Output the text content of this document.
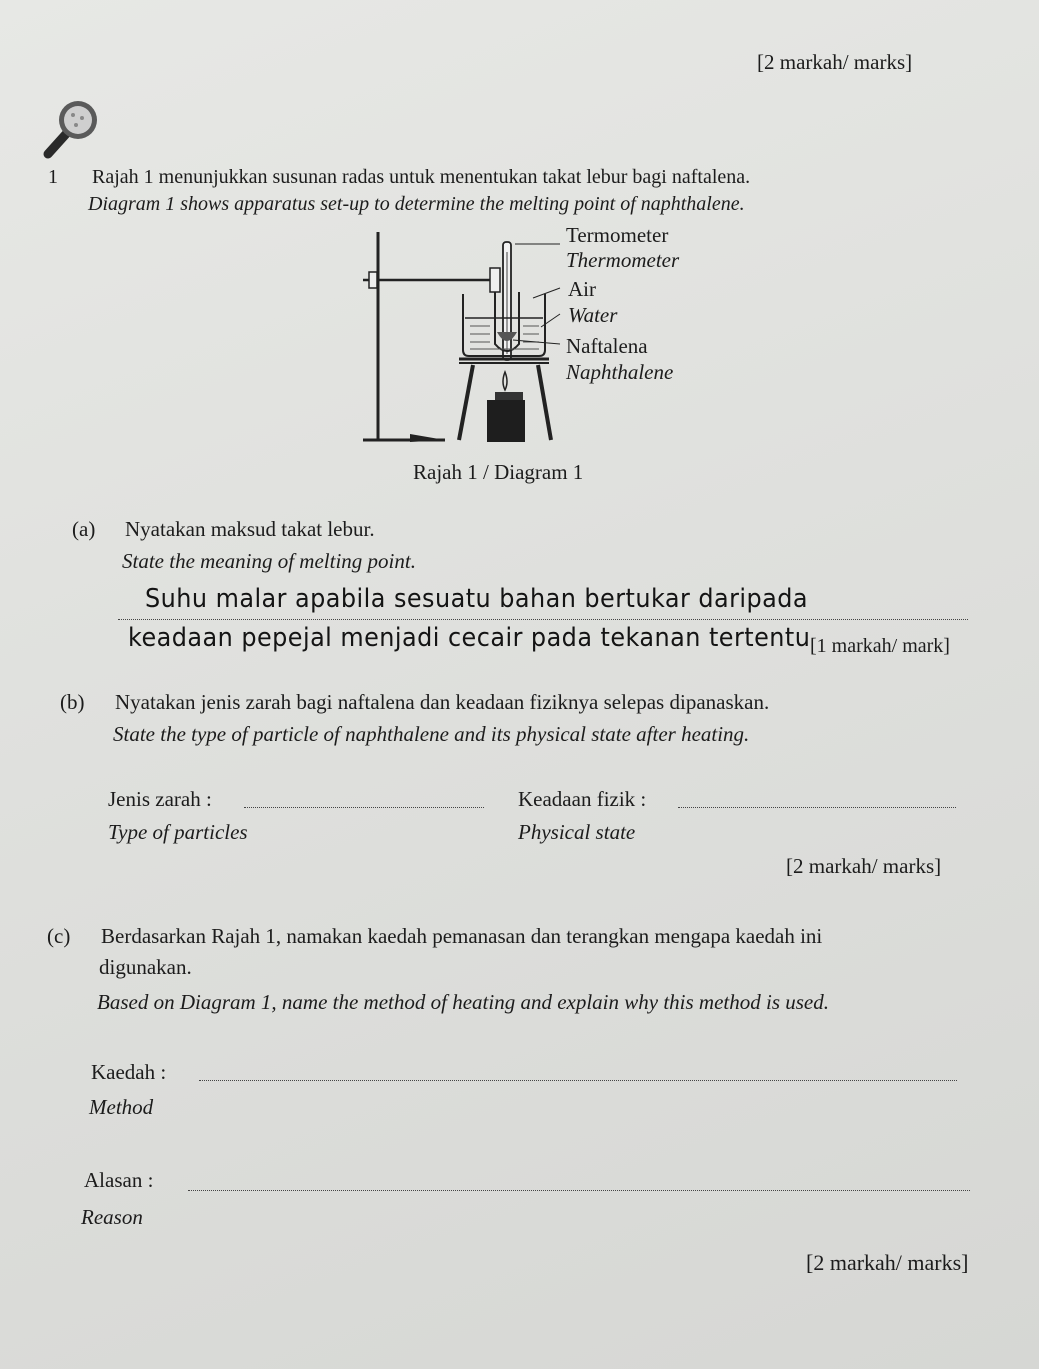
[2 markah/ marks]
1 Rajah 1 menunjukkan susunan radas untuk menentukan takat lebur bagi naftalena.
Diagram 1 shows apparatus set-up to determine the melting point of naphthalene.
Termometer
Thermometer
Air
Water
Naftalena
Naphthalene
Rajah 1 / Diagram 1
(a) Nyatakan maksud takat lebur.
State the meaning of melting point.
Suhu malar apabila sesuatu bahan bertukar daripada
keadaan pepejal menjadi cecair pada tekanan tertentu [1 markah/ mark]
(b) Nyatakan jenis zarah bagi naftalena dan keadaan fiziknya selepas dipanaskan.
State the type of particle of naphthalene and its physical state after heating.
Jenis zarah :
Type of particles
Keadaan fizik :
Physical state
[2 markah/ marks]
(c) Berdasarkan Rajah 1, namakan kaedah pemanasan dan terangkan mengapa kaedah ini
digunakan.
Based on Diagram 1, name the method of heating and explain why this method is used.
Kaedah :
Method
Alasan :
Reason
[2 markah/ marks]
